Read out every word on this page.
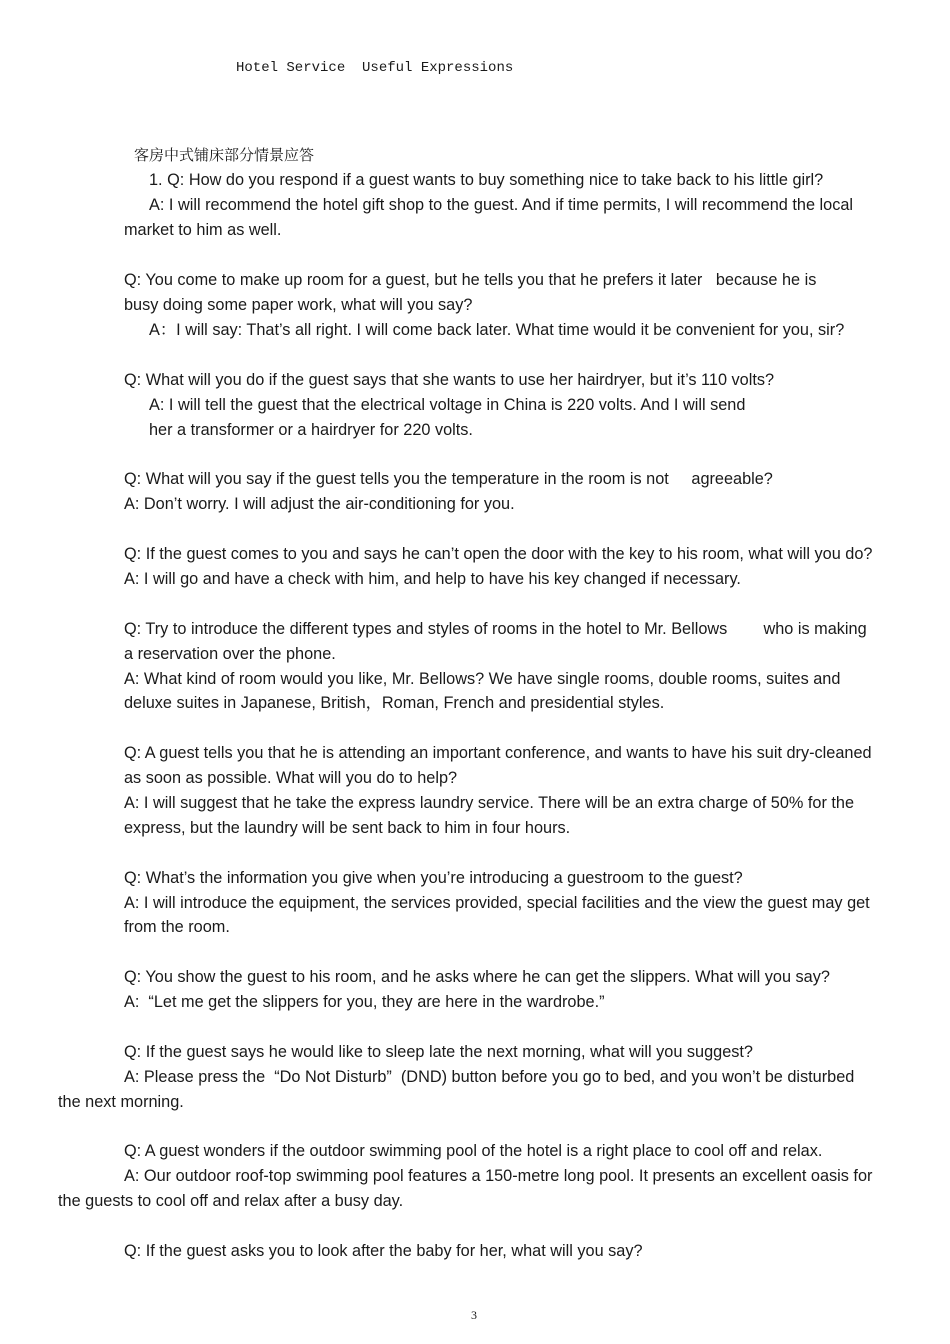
Hotel Service  Useful Expressions
客房中式铺床部分情景应答
1. Q: How do you respond if a guest wants to buy something nice to take back to his little girl?
A: I will recommend the hotel gift shop to the guest. And if time permits, I will recommend the local
market to him as well.
Q: You come to make up room for a guest, but he tells you that he prefers it later   because he is
busy doing some paper work, what will you say?
A：I will say: That’s all right. I will come back later. What time would it be convenient for you, sir?
Q: What will you do if the guest says that she wants to use her hairdryer, but it’s 110 volts?
A: I will tell the guest that the electrical voltage in China is 220 volts. And I will send
her a transformer or a hairdryer for 220 volts.
Q: What will you say if the guest tells you the temperature in the room is not     agreeable?
A: Don’t worry. I will adjust the air-conditioning for you.
Q: If the guest comes to you and says he can’t open the door with the key to his room, what will you do?
A: I will go and have a check with him, and help to have his key changed if necessary.
Q: Try to introduce the different types and styles of rooms in the hotel to Mr. Bellows        who is making
a reservation over the phone.
A: What kind of room would you like, Mr. Bellows? We have single rooms, double rooms, suites and
deluxe suites in Japanese, British，Roman, French and presidential styles.
Q: A guest tells you that he is attending an important conference, and wants to have his suit dry-cleaned
as soon as possible. What will you do to help?
A: I will suggest that he take the express laundry service. There will be an extra charge of 50% for the
express, but the laundry will be sent back to him in four hours.
Q: What’s the information you give when you’re introducing a guestroom to the guest?
A: I will introduce the equipment, the services provided, special facilities and the view the guest may get
from the room.
Q: You show the guest to his room, and he asks where he can get the slippers. What will you say?
A:  “Let me get the slippers for you, they are here in the wardrobe.”
Q: If the guest says he would like to sleep late the next morning, what will you suggest?
A: Please press the  “Do Not Disturb”  (DND) button before you go to bed, and you won’t be disturbed
the next morning.
Q: A guest wonders if the outdoor swimming pool of the hotel is a right place to cool off and relax.
A: Our outdoor roof-top swimming pool features a 150-metre long pool. It presents an excellent oasis for
the guests to cool off and relax after a busy day.
Q: If the guest asks you to look after the baby for her, what will you say?
3
